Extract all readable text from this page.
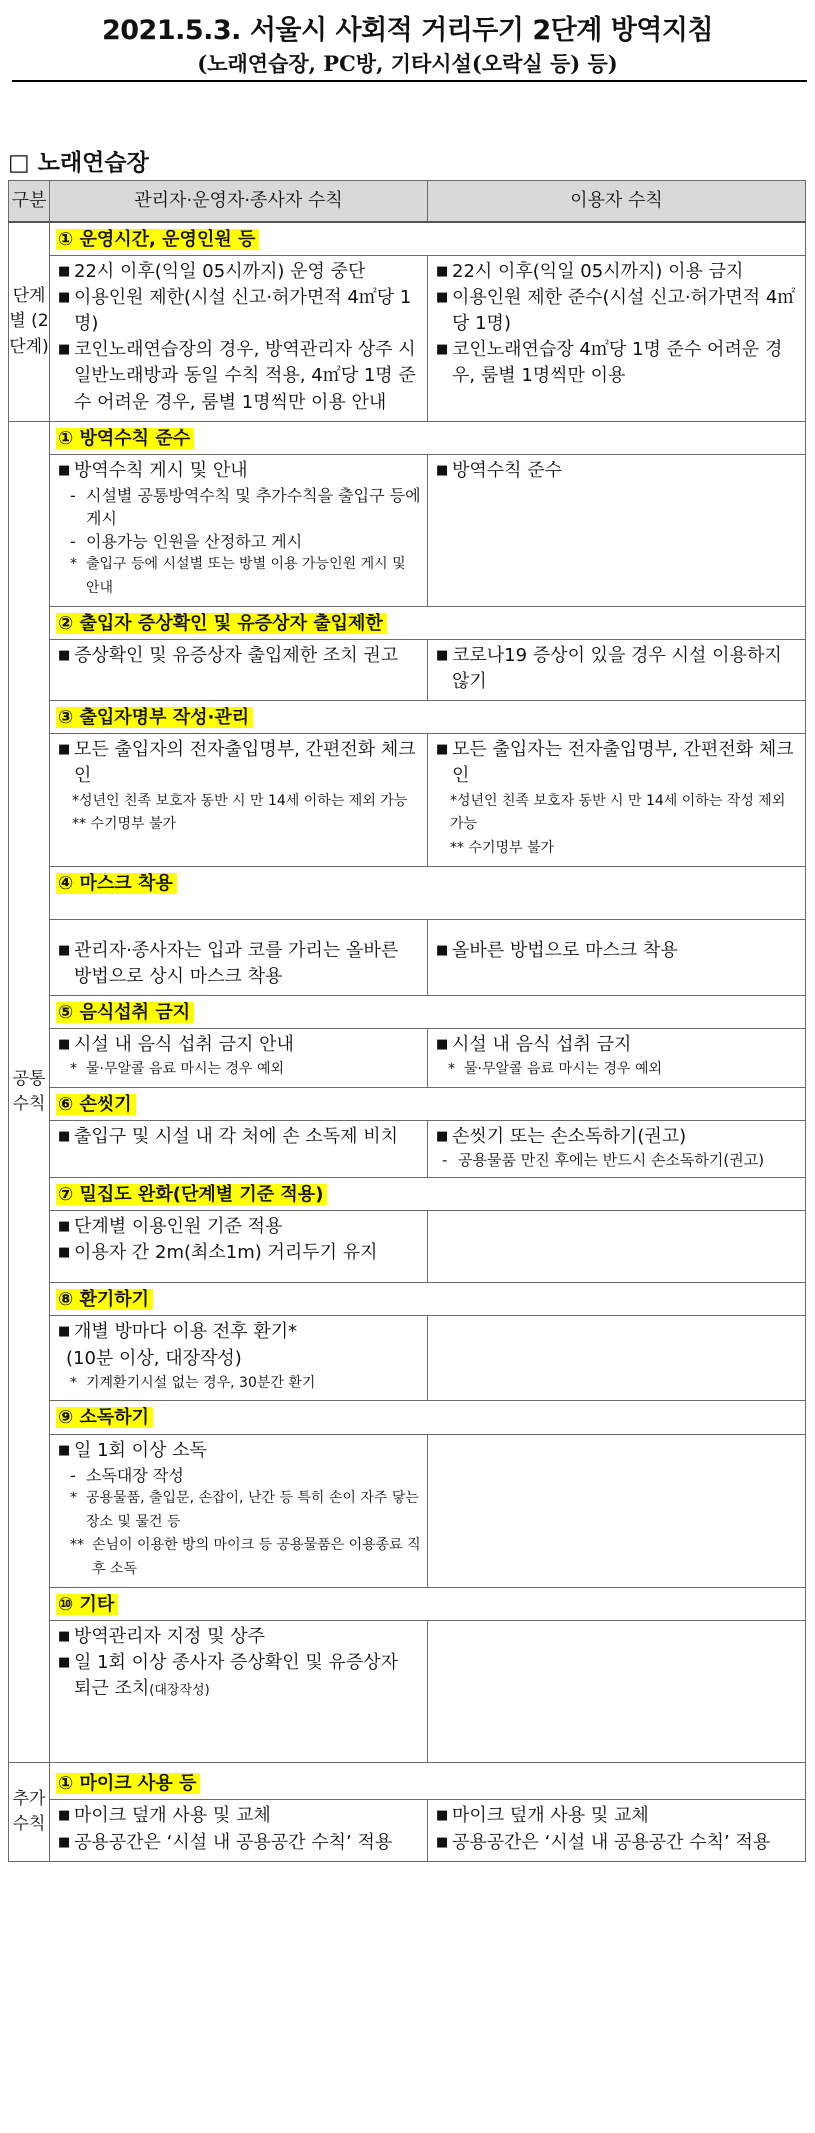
2021.5.3. 서울시 사회적 거리두기 2단계 방역지침
(노래연습장, PC방, 기타시설(오락실 등) 등)
□ 노래연습장
구분	관리자·운영자·종사자 수칙	이용자 수칙
단계별 (2단계)	① 운영시간, 운영인원 등	

	■ 22시 이후(익일 05시까지) 운영 중단
■ 이용인원 제한(시설 신고·허가면적 4㎡당 1명)
■ 코인노래연습장의 경우, 방역관리자 상주 시 일반노래방과 동일 수칙 적용, 4㎡당 1명 준수 어려운 경우, 룸별 1명씩만 이용 안내	■ 22시 이후(익일 05시까지) 이용 금지
■ 이용인원 제한 준수(시설 신고·허가면적 4㎡당 1명)
■ 코인노래연습장 4㎡당 1명 준수 어려운 경우, 룸별 1명씩만 이용

공통 수칙	① 방역수칙 준수	

	■ 방역수칙 게시 및 안내
- 시설별 공통방역수칙 및 추가수칙을 출입구 등에 게시
- 이용가능 인원을 산정하고 게시
* 출입구 등에 시설별 또는 방별 이용 가능인원 게시 및 안내	■ 방역수칙 준수

	② 출입자 증상확인 및 유증상자 출입제한	

	■ 증상확인 및 유증상자 출입제한 조치 권고	■ 코로나19 증상이 있을 경우 시설 이용하지 않기

	③ 출입자명부 작성·관리	

	■ 모든 출입자의 전자출입명부, 간편전화 체크인
*성년인 친족 보호자 동반 시 만 14세 이하는 제외 가능
** 수기명부 불가	■ 모든 출입자는 전자출입명부, 간편전화 체크인
*성년인 친족 보호자 동반 시 만 14세 이하는 작성 제외 가능
** 수기명부 불가

	④ 마스크 착용	

	■ 관리자·종사자는 입과 코를 가리는 올바른 방법으로 상시 마스크 착용	■ 올바른 방법으로 마스크 착용

	⑤ 음식섭취 금지	

	■ 시설 내 음식 섭취 금지 안내
* 물·무알콜 음료 마시는 경우 예외	■ 시설 내 음식 섭취 금지
* 물·무알콜 음료 마시는 경우 예외

	⑥ 손씻기	

	■ 출입구 및 시설 내 각 처에 손 소독제 비치	■ 손씻기 또는 손소독하기(권고)
- 공용물품 만진 후에는 반드시 손소독하기(권고)

	⑦ 밀집도 완화(단계별 기준 적용)	

	■ 단계별 이용인원 기준 적용
■ 이용자 간 2m(최소1m) 거리두기 유지

	⑧ 환기하기	

	■ 개별 방마다 이용 전후 환기*
(10분 이상, 대장작성)
* 기계환기시설 없는 경우, 30분간 환기

	⑨ 소독하기	

	■ 일 1회 이상 소독
- 소독대장 작성
* 공용물품, 출입문, 손잡이, 난간 등 특히 손이 자주 닿는 장소 및 물건 등
** 손님이 이용한 방의 마이크 등 공용물품은 이용종료 직후 소독

	⑩ 기타	

	■ 방역관리자 지정 및 상주
■ 일 1회 이상 종사자 증상확인 및 유증상자 퇴근 조치(대장작성)

추가 수칙	① 마이크 사용 등	

	■ 마이크 덮개 사용 및 교체
■ 공용공간은 ‘시설 내 공용공간 수칙’ 적용	■ 마이크 덮개 사용 및 교체
■ 공용공간은 ‘시설 내 공용공간 수칙’ 적용
